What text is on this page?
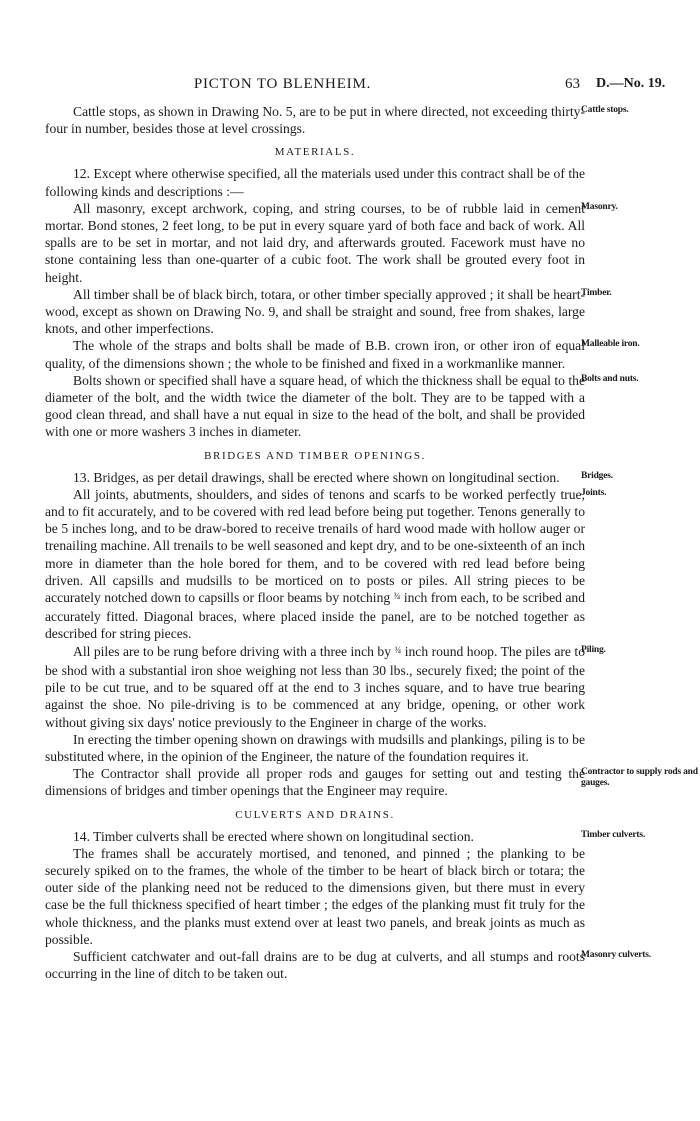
PICTON TO BLENHEIM.	63 D.—No. 19.

Cattle stops, as shown in Drawing No. 5, are to be put in where directed, not exceeding thirty-four in number, besides those at level crossings.
Cattle stops.

MATERIALS.

12. Except where otherwise specified, all the materials used under this contract shall be of the following kinds and descriptions :—

All masonry, except archwork, coping, and string courses, to be of rubble laid in cement mortar. Bond stones, 2 feet long, to be put in every square yard of both face and back of work. All spalls are to be set in mortar, and not laid dry, and afterwards grouted. Facework must have no stone containing less than one-quarter of a cubic foot. The work shall be grouted every foot in height.
Masonry.

All timber shall be of black birch, totara, or other timber specially approved ; it shall be heart-wood, except as shown on Drawing No. 9, and shall be straight and sound, free from shakes, large knots, and other imperfections.
Timber.

The whole of the straps and bolts shall be made of B.B. crown iron, or other iron of equal quality, of the dimensions shown ; the whole to be finished and fixed in a workmanlike manner.
Malleable iron.

Bolts shown or specified shall have a square head, of which the thickness shall be equal to the diameter of the bolt, and the width twice the diameter of the bolt. They are to be tapped with a good clean thread, and shall have a nut equal in size to the head of the bolt, and shall be provided with one or more washers 3 inches in diameter.
Bolts and nuts.

BRIDGES AND TIMBER OPENINGS.

13. Bridges, as per detail drawings, shall be erected where shown on longitudinal section. Bridges.

All joints, abutments, shoulders, and sides of tenons and scarfs to be worked perfectly true, and to fit accurately, and to be covered with red lead before being put together. Tenons generally to be 5 inches long, and to be draw-bored to receive trenails of hard wood made with hollow auger or trenailing machine. All trenails to be well seasoned and kept dry, and to be one-sixteenth of an inch more in diameter than the hole bored for them, and to be covered with red lead before being driven. All capsills and mudsills to be morticed on to posts or piles. All string pieces to be accurately notched down to capsills or floor beams by notching $^{\frac{3}{4}}$ inch from each, to be scribed and accurately fitted. Diagonal braces, where placed inside the panel, are to be notched together as described for string pieces.
Joints.

All piles are to be rung before driving with a three inch by $^{\frac{3}{4}}$ inch round hoop. The piles are to be shod with a substantial iron shoe weighing not less than 30 lbs., securely fixed; the point of the pile to be cut true, and to be squared off at the end to 3 inches square, and to have true bearing against the shoe. No pile-driving is to be commenced at any bridge, opening, or other work without giving six days' notice previously to the Engineer in charge of the works.
Piling.

In erecting the timber opening shown on drawings with mudsills and plankings, piling is to be substituted where, in the opinion of the Engineer, the nature of the foundation requires it.

The Contractor shall provide all proper rods and gauges for setting out and testing the dimensions of bridges and timber openings that the Engineer may require.
Contractor to supply rods and gauges.

CULVERTS AND DRAINS.

14. Timber culverts shall be erected where shown on longitudinal section.	Timber culverts.

The frames shall be accurately mortised, and tenoned, and pinned ; the planking to be securely spiked on to the frames, the whole of the timber to be heart of black birch or totara; the outer side of the planking need not be reduced to the dimensions given, but there must in every case be the full thickness specified of heart timber ; the edges of the planking must fit truly for the whole thickness, and the planks must extend over at least two panels, and break joints as much as possible.

Sufficient catchwater and out-fall drains are to be dug at culverts, and all stumps and roots occurring in the line of ditch to be taken out.
Masonry culverts.
